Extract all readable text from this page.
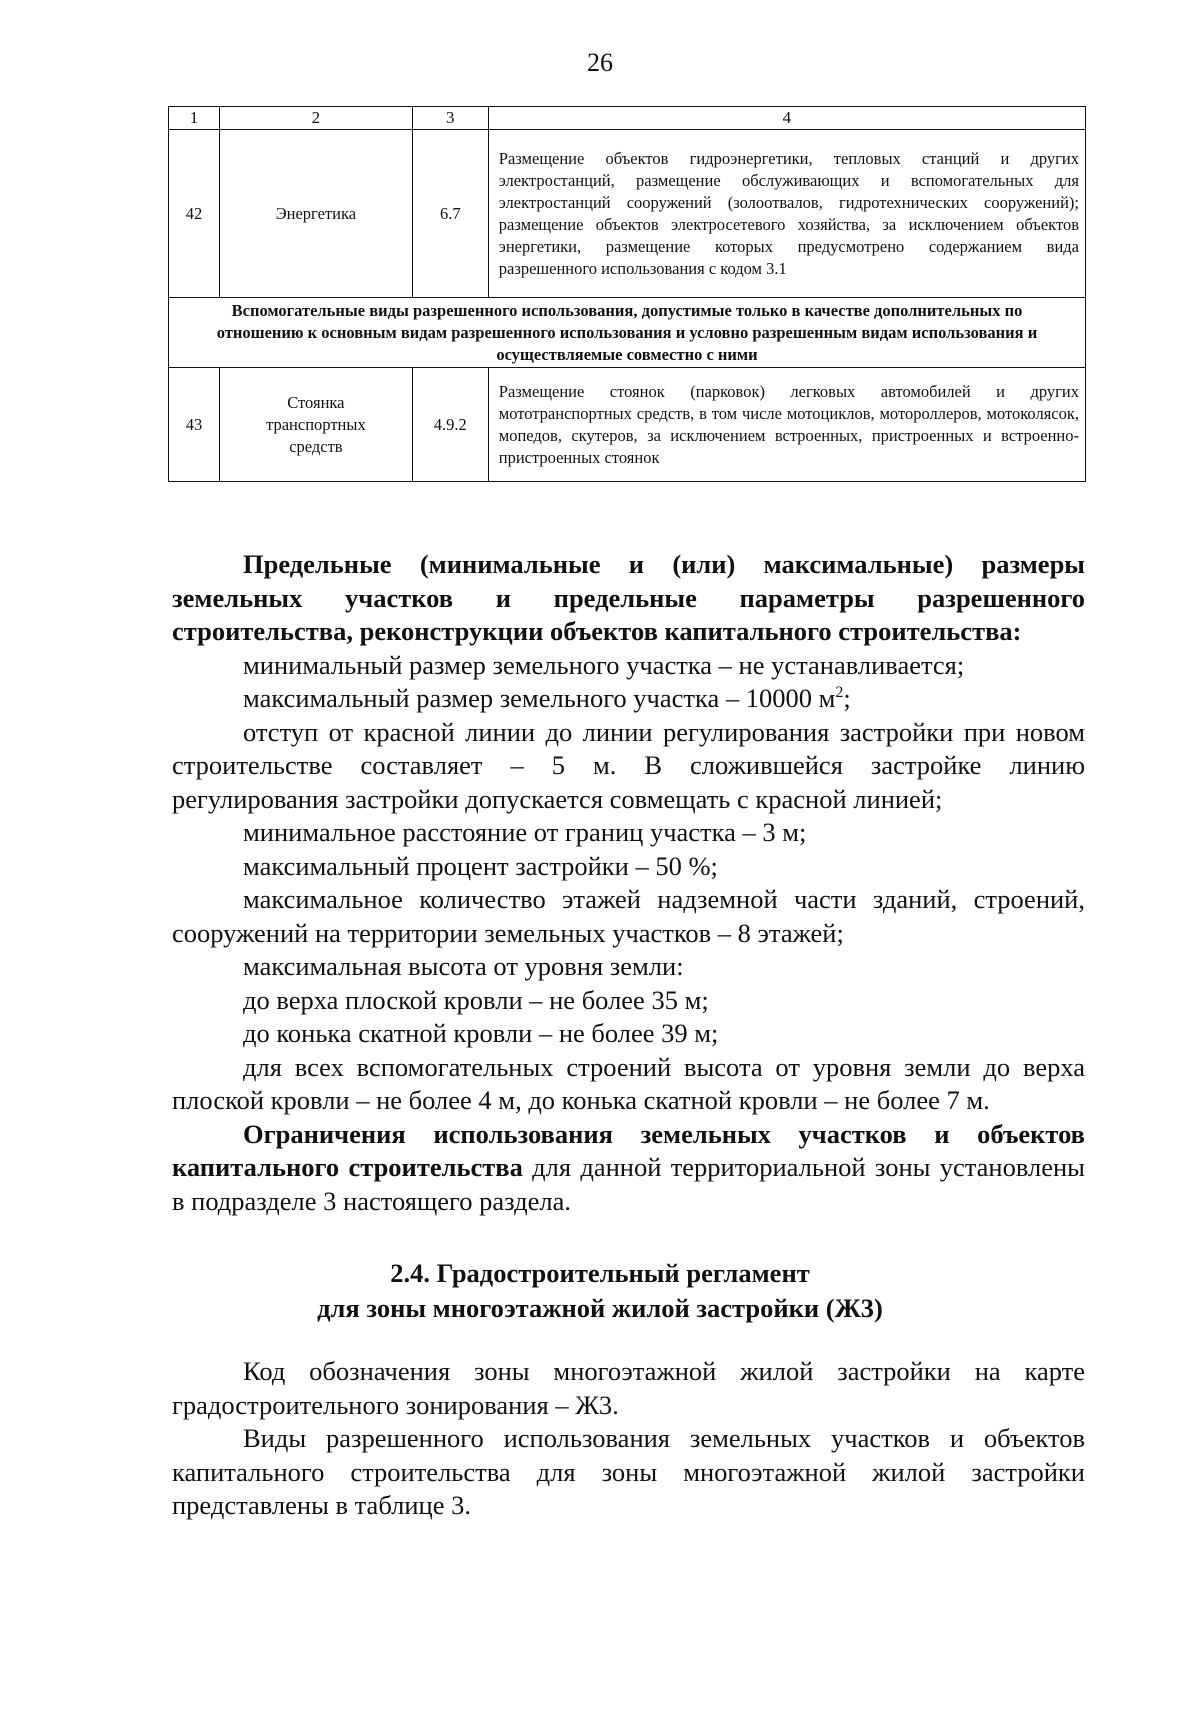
26
1	2	3	4
42	Энергетика	6.7	Размещение объектов гидроэнергетики, тепловых станций и других электростанций, размещение обслуживающих и вспомогательных для электростанций сооружений (золоотвалов, гидротехнических сооружений); размещение объектов электросетевого хозяйства, за исключением объектов энергетики, размещение которых предусмотрено содержанием вида разрешенного использования с кодом 3.1
Вспомогательные виды разрешенного использования, допустимые только в качестве дополнительных по отношению к основным видам разрешенного использования и условно разрешенным видам использования и осуществляемые совместно с ними			
43	Стоянка транспортных средств	4.9.2	Размещение стоянок (парковок) легковых автомобилей и других мототранспортных средств, в том числе мотоциклов, мотороллеров, мотоколясок, мопедов, скутеров, за исключением встроенных, пристроенных и встроенно-пристроенных стоянок

Предельные (минимальные и (или) максимальные) размеры земельных участков и предельные параметры разрешенного строительства, реконструкции объектов капитального строительства:

минимальный размер земельного участка – не устанавливается;

максимальный размер земельного участка – 10000 $м^2$;

отступ от красной линии до линии регулирования застройки при новом строительстве составляет – 5 м. В сложившейся застройке линию регулирования застройки допускается совмещать с красной линией;

минимальное расстояние от границ участка – 3 м;

максимальный процент застройки – 50 %;

максимальное количество этажей надземной части зданий, строений, сооружений на территории земельных участков – 8 этажей;

максимальная высота от уровня земли:

до верха плоской кровли – не более 35 м;

до конька скатной кровли – не более 39 м;

для всех вспомогательных строений высота от уровня земли до верха плоской кровли – не более 4 м, до конька скатной кровли – не более 7 м.

Ограничения использования земельных участков и объектов

капитального строительства для данной территориальной зоны установлены в подразделе 3 настоящего раздела.

2.4. Градостроительный регламент
для зоны многоэтажной жилой застройки (Ж3)

Код обозначения зоны многоэтажной жилой застройки на карте градостроительного зонирования – Ж3.

Виды разрешенного использования земельных участков и объектов капитального строительства для зоны многоэтажной жилой застройки представлены в таблице 3.
